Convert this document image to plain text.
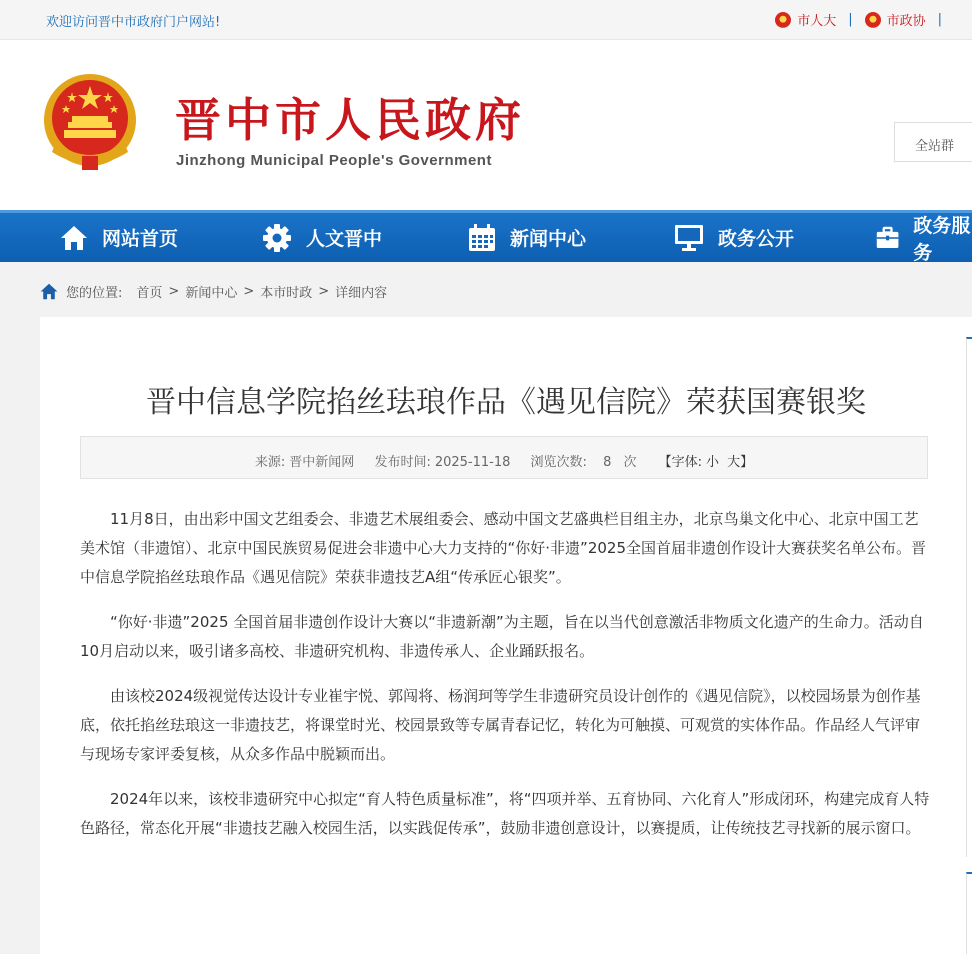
欢迎访问晋中市政府门户网站!	市人大 |	市政协 |
晋中市人民政府
Jinzhong Municipal People's Government
全站群
网站首页	人文晋中	新闻中心	政务公开
政务服务
您的位置: 首页 > 新闻中心 > 本市时政 > 详细内容
晋中信息学院掐丝珐琅作品《遇见信院》荣获国赛银奖
来源: 晋中新闻网 发布时间: 2025-11-18 浏览次数: 8 次 【字体: 小 大】

11月8日，由出彩中国文艺组委会、非遗艺术展组委会、感动中国文艺盛典栏目组主办，北京鸟巢文化中心、北京中国工艺美术馆（非遗馆）、北京中国民族贸易促进会非遗中心大力支持的“你好·非遗”2025全国首届非遗创作设计大赛获奖名单公布。晋中信息学院掐丝珐琅作品《遇见信院》荣获非遗技艺A组“传承匠心银奖”。

“你好·非遗”2025 全国首届非遗创作设计大赛以“非遗新潮”为主题，旨在以当代创意激活非物质文化遗产的生命力。活动自10月启动以来，吸引诸多高校、非遗研究机构、非遗传承人、企业踊跃报名。

由该校2024级视觉传达设计专业崔宇悦、郭闯将、杨润珂等学生非遗研究员设计创作的《遇见信院》，以校园场景为创作基底，依托掐丝珐琅这一非遗技艺，将课堂时光、校园景致等专属青春记忆，转化为可触摸、可观赏的实体作品。作品经人气评审与现场专家评委复核，从众多作品中脱颖而出。

2024年以来，该校非遗研究中心拟定“育人特色质量标准”，将“四项并举、五育协同、六化育人”形成闭环，构建完成育人特色路径，常态化开展“非遗技艺融入校园生活，以实践促传承”，鼓励非遗创意设计，以赛提质，让传统技艺寻找新的展示窗口。
